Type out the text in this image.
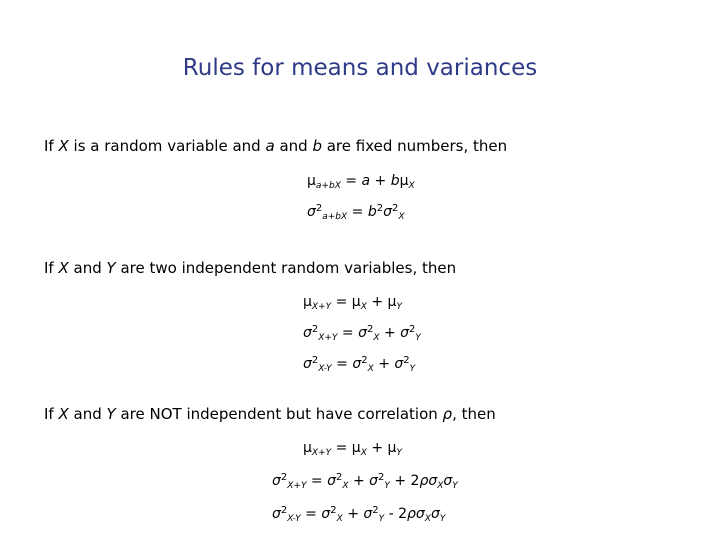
Rules for means and variances
If X is a random variable and a and b are fixed numbers, then
$\mu_{a+bX} = a + b\mu_X$
$\sigma^2_{a+bX} = b^2\sigma^2_X$
If X and Y are two independent random variables, then
$\mu_{X+Y} = \mu_X + \mu_Y$
$\sigma^2_{X+Y} = \sigma^2_X + \sigma^2_Y$
$\sigma^2_{X-Y} = \sigma^2_X + \sigma^2_Y$
If X and Y are NOT independent but have correlation ρ, then
$\mu_{X+Y} = \mu_X + \mu_Y$
$\sigma^2_{X+Y} = \sigma^2_X + \sigma^2_Y + 2\rho\sigma_X\sigma_Y$
$\sigma^2_{X-Y} = \sigma^2_X + \sigma^2_Y - 2\rho\sigma_X\sigma_Y$
